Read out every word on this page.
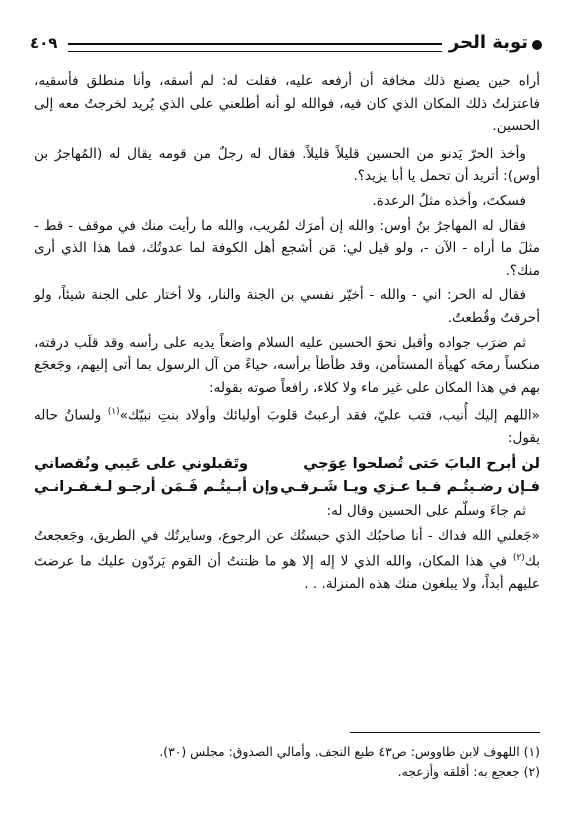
توبة الحر
٤٠٩

أراه حين يصنع ذلك مخافة أن أرفعه عليه، فقلت له: لم أسقه، وأنا منطلق فأسقيه، فاعتزلتُ ذلك المكان الذي كان فيه، فوالله لو أنه أطلعني على الذي يُريد لخرجتُ معه إلى الحسين.

وأخذ الحرّ يَدنو من الحسين قليلاً قليلاً. فقال له رجلٌ من قومه يقال له (المُهاجرُ بن أوس): أتريد أن تحمل يا أبا يزيد؟.

فسكتَ، وأخذه مثلُ الرعدة.

فقال له المهاجرُ بنُ أوس: والله إن أمرَك لمُريب، والله ما رأيت منك في موقف - قط - مثلَ ما أراه - الآن -، ولو قيل لي: مَن أشجع أهل الكوفة لما عدوتُك، فما هذا الذي أرى منك؟.

فقال له الحر: اني - والله - أخيّر نفسي بن الجنة والنار، ولا أختار على الجنة شيئاً، ولو أحرقتُ وقُطعتُ.

ثم ضرَب جواده وأقبل نحوَ الحسين عليه السلام واضعاً يديه على رأسه وقد قلَب درقته، منكساً رمحَه كهيأة المستأمن، وقد طأطأ برأسه، حياءً من آل الرسول بما أتى إليهم، وجَعجَع بهم في هذا المكان على غير ماء ولا كلاء، رافعاً صوته بقوله:

«اللهم إليك أُنيب، فتب عليّ، فقد أرعبتُ قلوبَ أوليائك وأولاد بنتِ نبيّك»$^{(١)}$ ولسانُ حاله يقول:

لن أبرح البابَ حَتى تُصلحوا عِوَجي
وتَقبلوني على عَيبي ونُقصاني
فـإن رضـيتُـم فـيا عـزي ويـا شَـرفـي
وإن أبـيتُـم فَـمَن أرجـو لـغـفـرانـي

ثم جاءَ وسلّم على الحسين وقال له:

«جَعلني الله فداك - أنا صاحبُك الذي حبستُك عن الرجوع، وسايرتُك في الطريق، وجَعجعتُ بك$^{(٢)}$ في هذا المكان، والله الذي لا إله إلا هو ما ظننتُ أن القوم يَردّون عليك ما عرضتَ عليهم أبداً، ولا يبلغون منك هذه المنزلة. . .

(١) اللهوف لابن طاووس: ص٤٣ طبع النجف. وأمالي الصدوق: مجلس (٣٠).

(٢) جعجع به: أقلقه وأزعجه.
